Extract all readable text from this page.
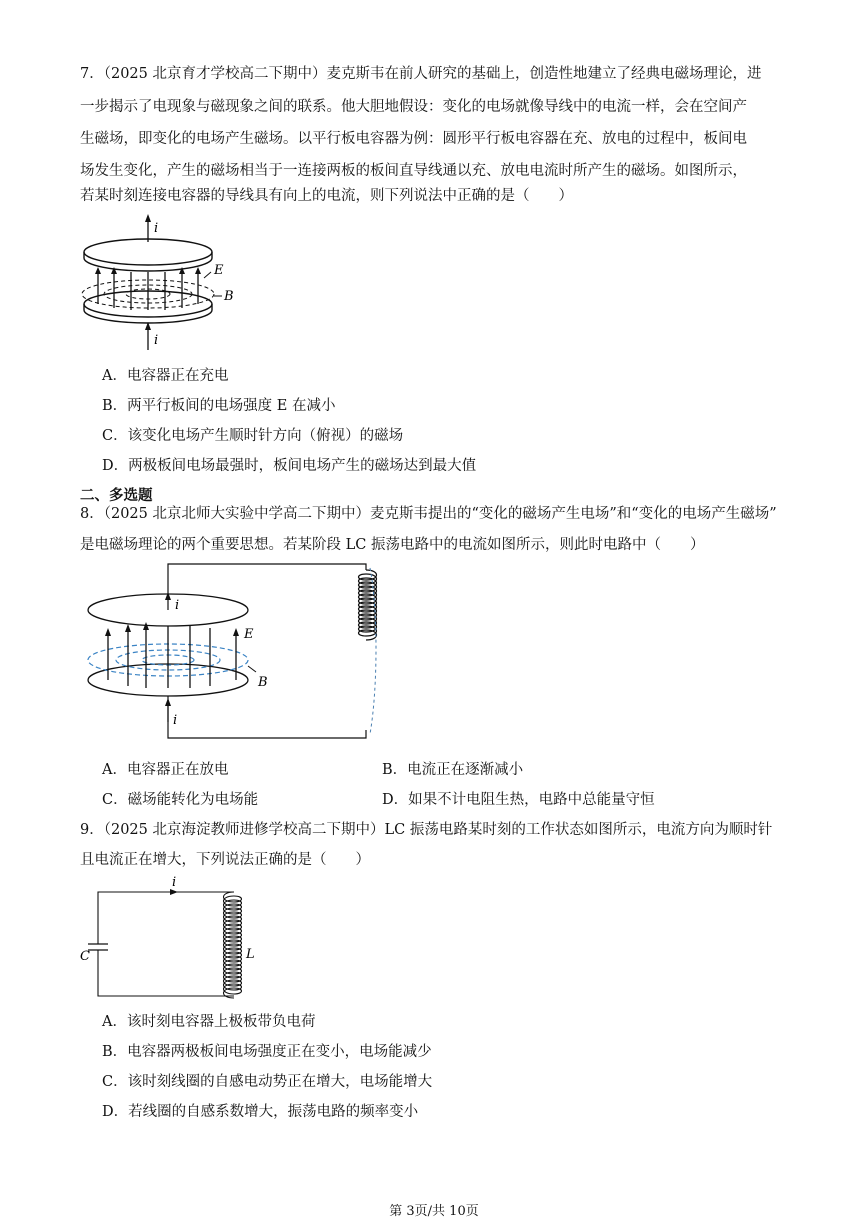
7．（2025 北京育才学校高二下期中）麦克斯韦在前人研究的基础上，创造性地建立了经典电磁场理论，进
一步揭示了电现象与磁现象之间的联系。他大胆地假设：变化的电场就像导线中的电流一样，会在空间产
生磁场，即变化的电场产生磁场。以平行板电容器为例：圆形平行板电容器在充、放电的过程中，板间电
场发生变化，产生的磁场相当于一连接两板的板间直导线通以充、放电电流时所产生的磁场。如图所示，
若某时刻连接电容器的导线具有向上的电流，则下列说法中正确的是（　　）
i
E
B
i
A．电容器正在充电
B．两平行板间的电场强度 E 在减小
C．该变化电场产生顺时针方向（俯视）的磁场
D．两极板间电场最强时，板间电场产生的磁场达到最大值
二、多选题
8．（2025 北京北师大实验中学高二下期中）麦克斯韦提出的“变化的磁场产生电场”和“变化的电场产生磁场”
是电磁场理论的两个重要思想。若某阶段 LC 振荡电路中的电流如图所示，则此时电路中（　　）
i
E
B
i
A．电容器正在放电	B．电流正在逐渐减小
C．磁场能转化为电场能	D．如果不计电阻生热，电路中总能量守恒
9．（2025 北京海淀教师进修学校高二下期中）LC 振荡电路某时刻的工作状态如图所示，电流方向为顺时针
且电流正在增大，下列说法正确的是（　　）
C
i
L
A．该时刻电容器上极板带负电荷
B．电容器两极板间电场强度正在变小，电场能减少
C．该时刻线圈的自感电动势正在增大，电场能增大
D．若线圈的自感系数增大，振荡电路的频率变小
第 3页/共 10页
